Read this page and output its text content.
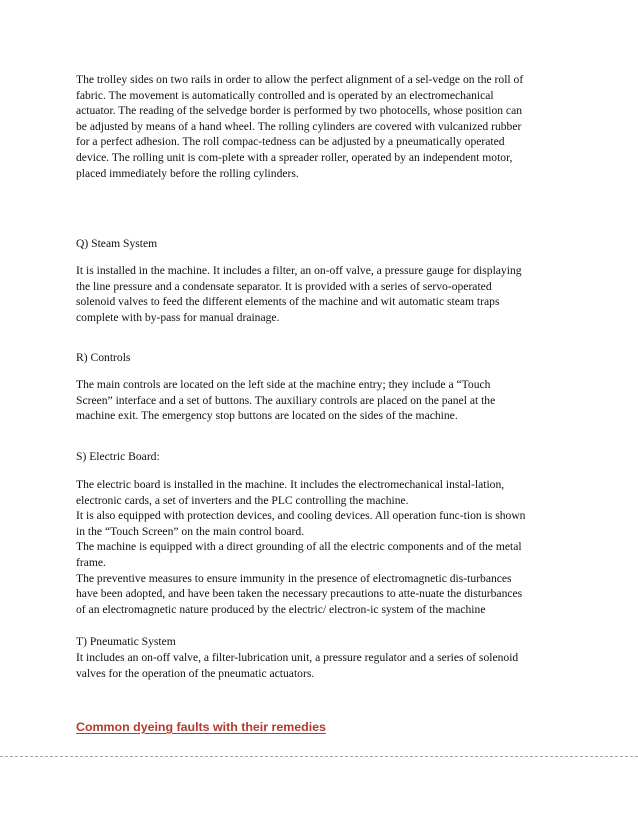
The trolley sides on two rails in order to allow the perfect alignment of a sel-vedge on the roll of
fabric. The movement is automatically controlled and is operated by an electromechanical
actuator. The reading of the selvedge border is performed by two photocells, whose position can
be adjusted by means of a hand wheel. The rolling cylinders are covered with vulcanized rubber
for a perfect adhesion. The roll compac-tedness can be adjusted by a pneumatically operated
device. The rolling unit is com-plete with a spreader roller, operated by an independent motor,
placed immediately before the rolling cylinders.

Q) Steam System

It is installed in the machine. It includes a filter, an on-off valve, a pressure gauge for displaying
the line pressure and a condensate separator. It is provided with a series of servo-operated
solenoid valves to feed the different elements of the machine and wit automatic steam traps
complete with by-pass for manual drainage.

R) Controls

The main controls are located on the left side at the machine entry; they include a “Touch
Screen” interface and a set of buttons. The auxiliary controls are placed on the panel at the
machine exit. The emergency stop buttons are located on the sides of the machine.

S) Electric Board:

The electric board is installed in the machine. It includes the electromechanical instal-lation,
electronic cards, a set of inverters and the PLC controlling the machine.
It is also equipped with protection devices, and cooling devices. All operation func-tion is shown
in the “Touch Screen” on the main control board.
The machine is equipped with a direct grounding of all the electric components and of the metal
frame.
The preventive measures to ensure immunity in the presence of electromagnetic dis-turbances
have been adopted, and have been taken the necessary precautions to atte-nuate the disturbances
of an electromagnetic nature produced by the electric/ electron-ic system of the machine

T) Pneumatic System

It includes an on-off valve, a filter-lubrication unit, a pressure regulator and a series of solenoid
valves for the operation of the pneumatic actuators.

Common dyeing faults with their remedies
